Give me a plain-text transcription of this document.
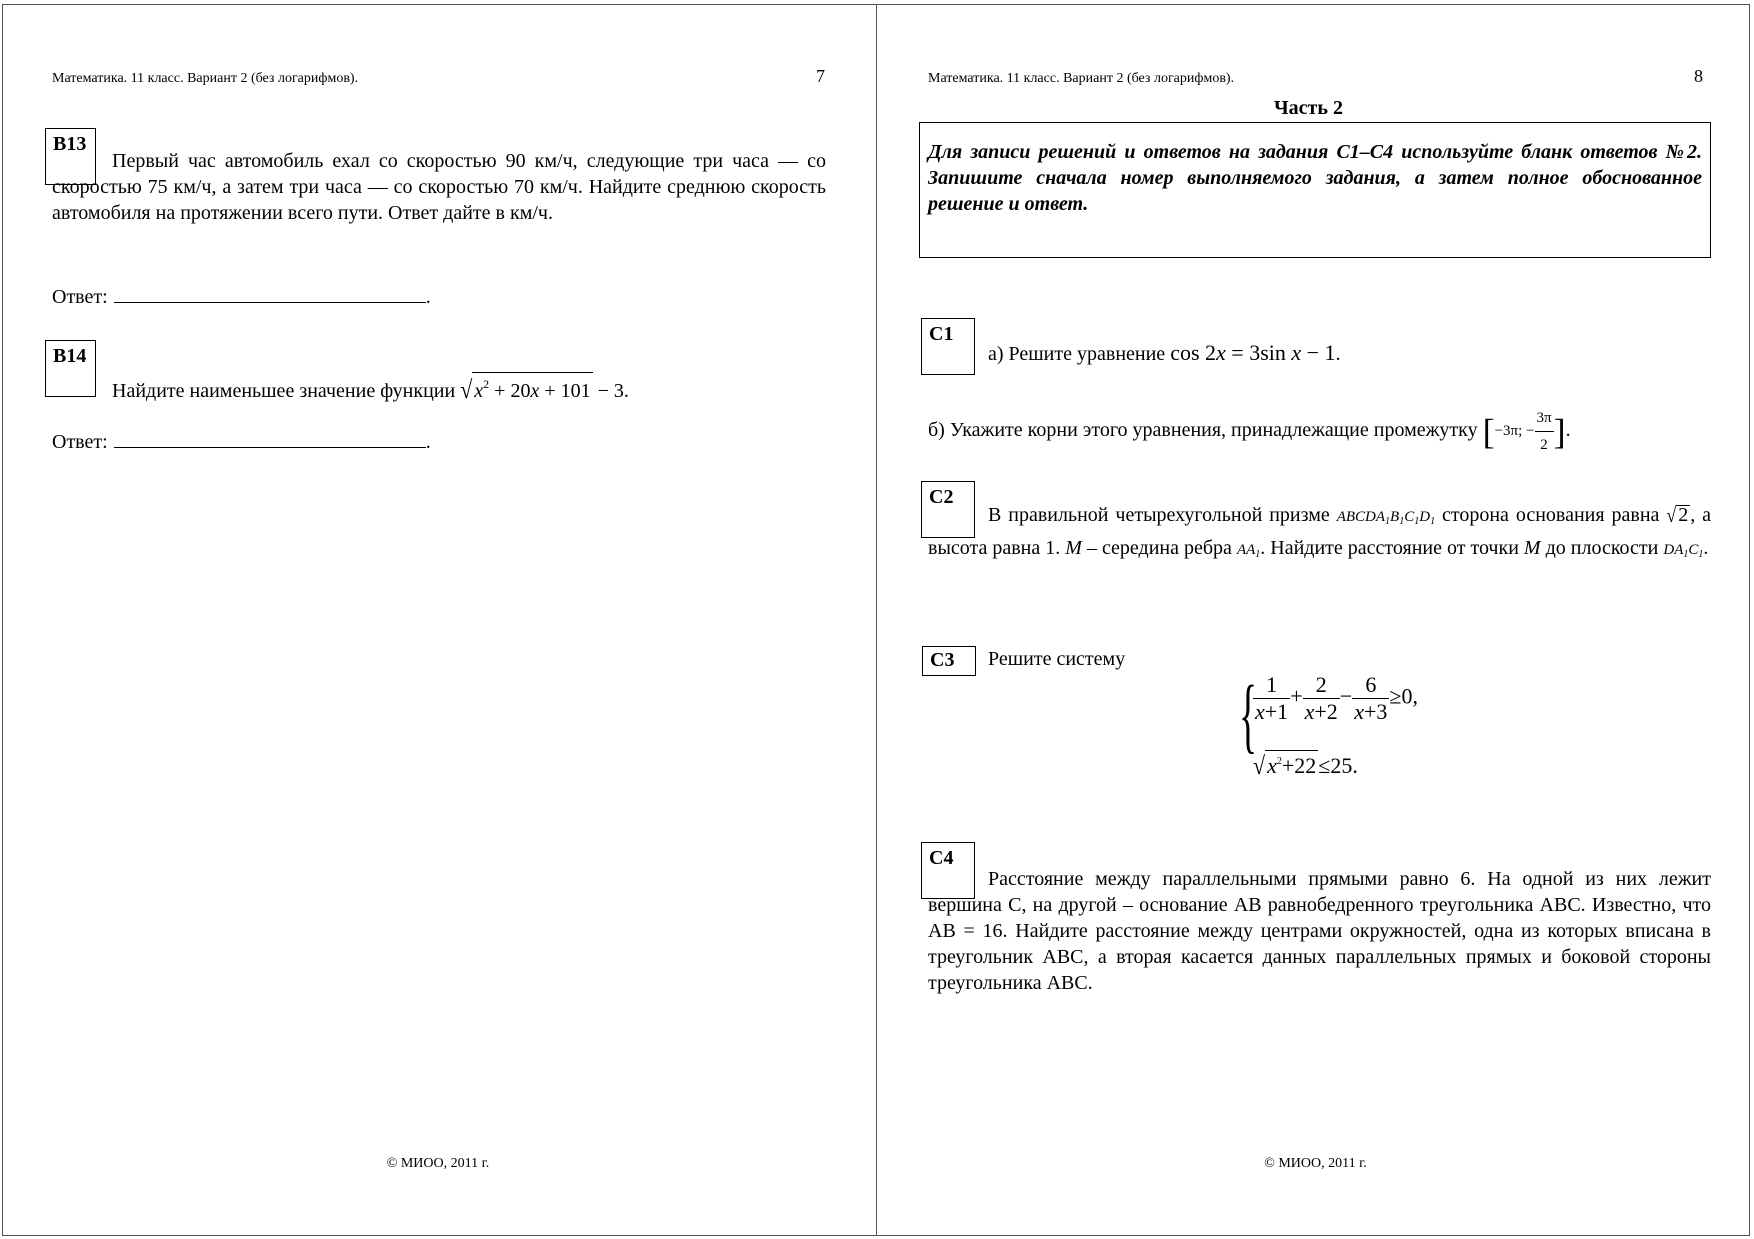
Математика. 11 класс. Вариант 2 (без логарифмов).	7
B13
Первый час автомобиль ехал со скоростью 90 км/ч, следующие три часа — со скоростью 75 км/ч, а затем три часа — со скоростью 70 км/ч. Найдите среднюю скорость автомобиля на протяжении всего пути. Ответ дайте в км/ч.
Ответ:	.
B14
Найдите наименьшее значение функции √ $x^2 + 20x + 101 - 3$.
Ответ:	.
© МИОО, 2011 г.
Математика. 11 класс. Вариант 2 (без логарифмов).	8
Часть 2
Для записи решений и ответов на задания С1–С4 используйте бланк ответов №2. Запишите сначала номер выполняемого задания, а затем полное обоснованное решение и ответ.
C1
а) Решите уравнение cos 2x = 3sin x − 1.
б) Укажите корни этого уравнения, принадлежащие промежутку [−3π; − $\frac{3\pi}{2}$ ].
C2
В правильной четырехугольной призме $ABCDA_1B_1C_1D_1$ сторона основания равна √ 2 , а высота равна 1. M – середина ребра $AA_1$. Найдите расстояние от точки M до плоскости $DA_1C_1$.
C3	Решите систему
{
$\frac{1}{x+1} + \frac{2}{x+2} - \frac{6}{x+3} \ge 0$,
$√x^2+22\le 25$.
C4
Расстояние между параллельными прямыми равно 6. На одной из них лежит вершина C, на другой – основание AB равнобедренного треугольника ABC. Известно, что AB = 16. Найдите расстояние между центрами окружностей, одна из которых вписана в треугольник ABC, а вторая касается данных параллельных прямых и боковой стороны треугольника ABC.
© МИОО, 2011 г.
